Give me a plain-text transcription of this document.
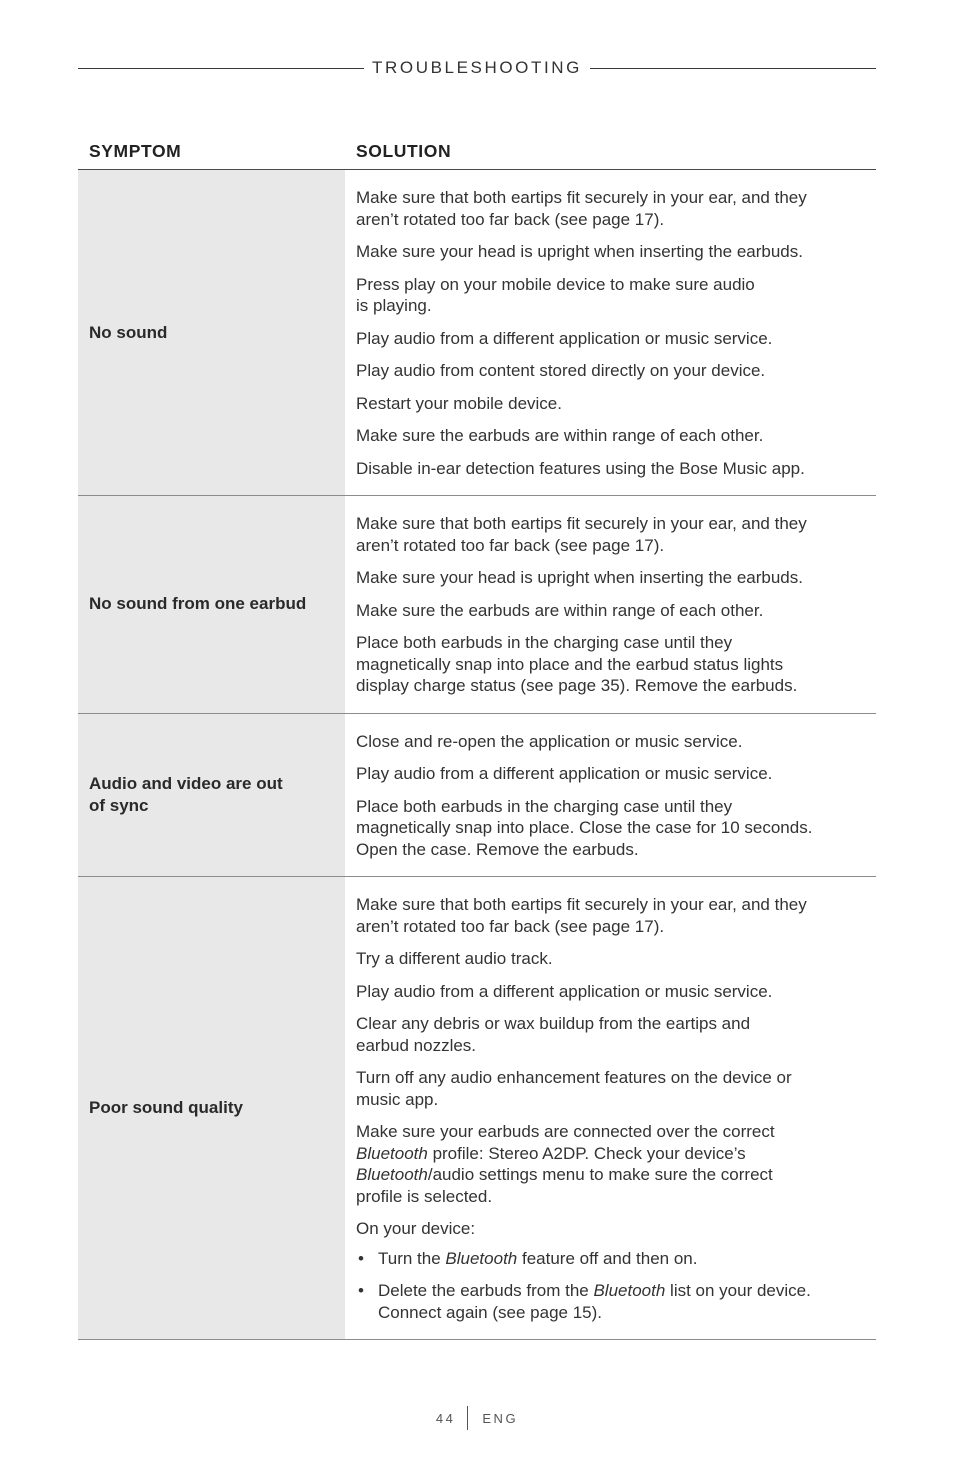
TROUBLESHOOTING
SYMPTOM	SOLUTION
No sound

Make sure that both eartips fit securely in your ear, and they
aren’t rotated too far back (see page 17).

Make sure your head is upright when inserting the earbuds.

Press play on your mobile device to make sure audio
is playing.

Play audio from a different application or music service.

Play audio from content stored directly on your device.

Restart your mobile device.

Make sure the earbuds are within range of each other.

Disable in-ear detection features using the Bose Music app.

No sound from one earbud

Make sure that both eartips fit securely in your ear, and they
aren’t rotated too far back (see page 17).

Make sure your head is upright when inserting the earbuds.

Make sure the earbuds are within range of each other.

Place both earbuds in the charging case until they
magnetically snap into place and the earbud status lights
display charge status (see page 35). Remove the earbuds.

Audio and video are out
of sync

Close and re-open the application or music service.

Play audio from a different application or music service.

Place both earbuds in the charging case until they
magnetically snap into place. Close the case for 10 seconds.
Open the case. Remove the earbuds.

Poor sound quality

Make sure that both eartips fit securely in your ear, and they
aren’t rotated too far back (see page 17).

Try a different audio track.

Play audio from a different application or music service.

Clear any debris or wax buildup from the eartips and
earbud nozzles.

Turn off any audio enhancement features on the device or
music app.

Make sure your earbuds are connected over the correct
Bluetooth profile: Stereo A2DP. Check your device’s
Bluetooth/audio settings menu to make sure the correct
profile is selected.

On your device:

• Turn the Bluetooth feature off and then on.
• Delete the earbuds from the Bluetooth list on your device.
Connect again (see page 15).
44 ENG
